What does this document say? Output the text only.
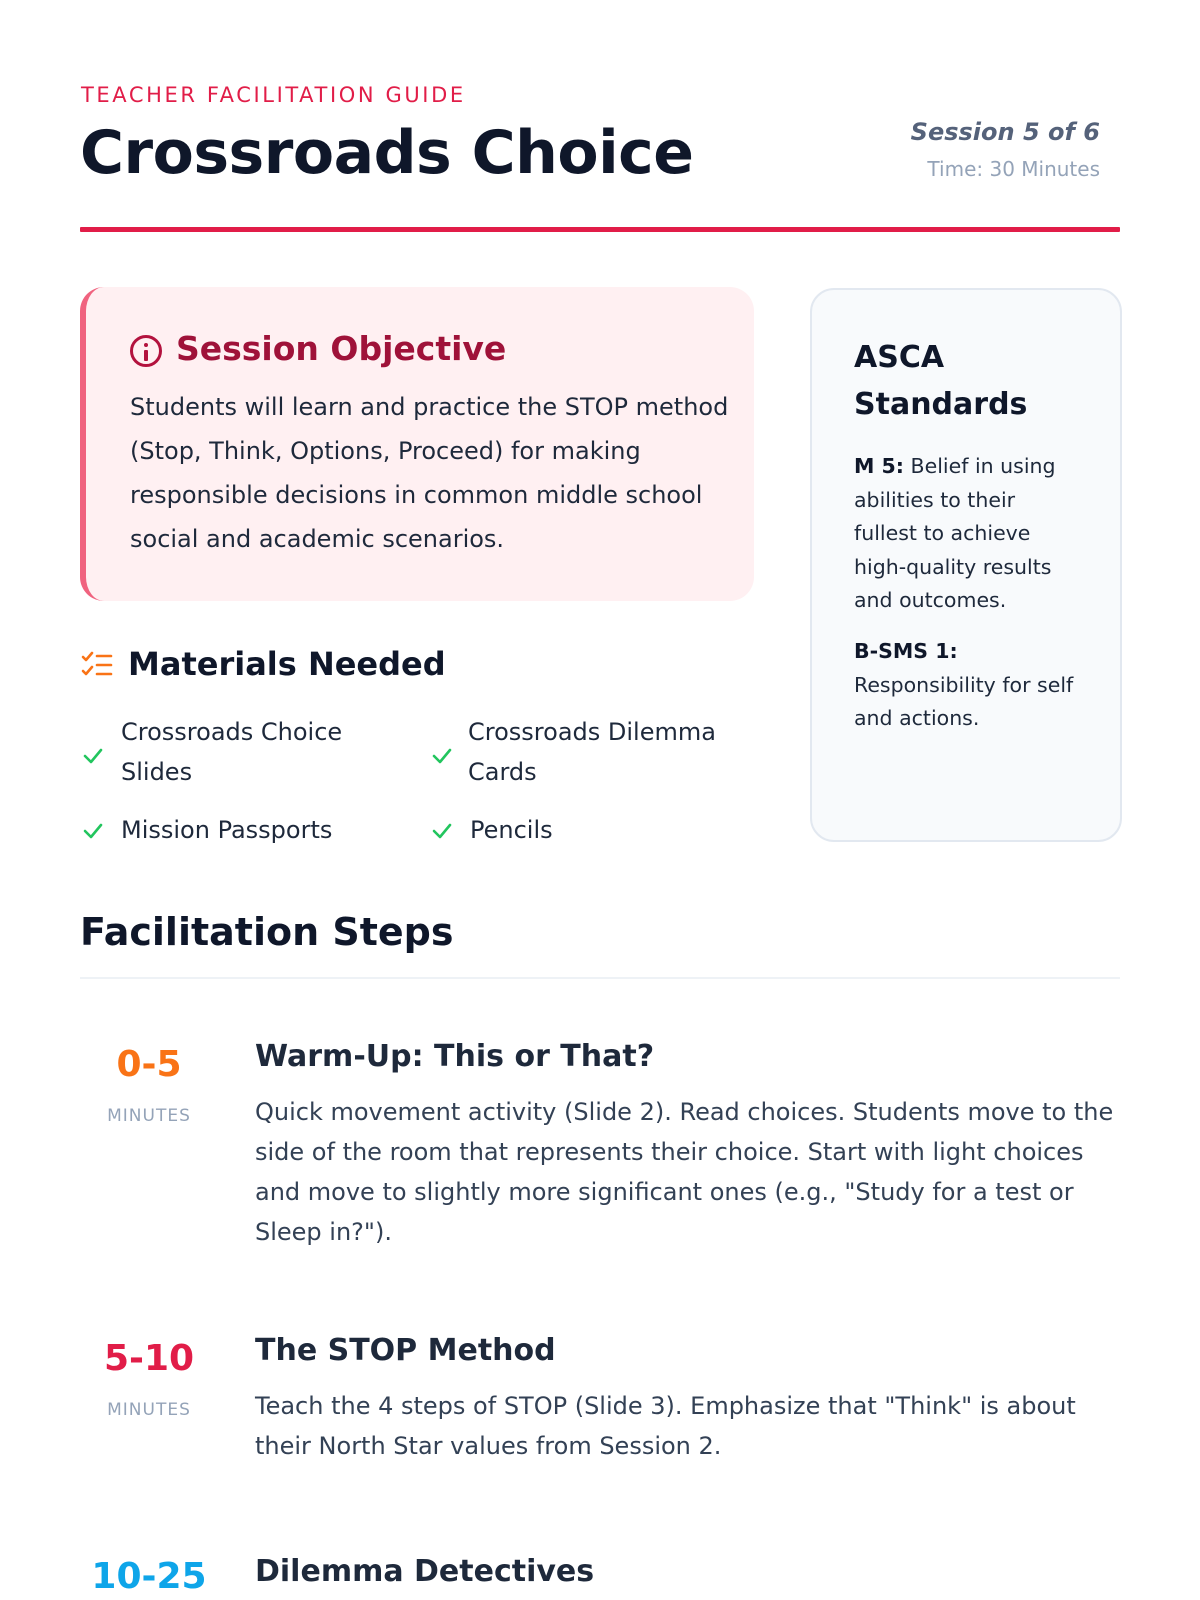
TEACHER FACILITATION GUIDE
Crossroads Choice	Session 5 of 6
Time: 30 Minutes
Session Objective

Students will learn and practice the STOP method (Stop, Think, Options, Proceed) for making responsible decisions in common middle school social and academic scenarios.

Materials Needed
Crossroads Choice Slides
Crossroads Dilemma Cards
Mission Passports	Pencils
ASCA Standards
M 5: Belief in using abilities to their fullest to achieve high-quality results and outcomes.
B-SMS 1: Responsibility for self and actions.
Facilitation Steps
0-5
MINUTES
Warm-Up: This or That?

Quick movement activity (Slide 2). Read choices. Students move to the side of the room that represents their choice. Start with light choices and move to slightly more significant ones (e.g., "Study for a test or Sleep in?").

5-10
MINUTES
The STOP Method

Teach the 4 steps of STOP (Slide 3). Emphasize that "Think" is about their North Star values from Session 2.

10-25	Dilemma Detectives
